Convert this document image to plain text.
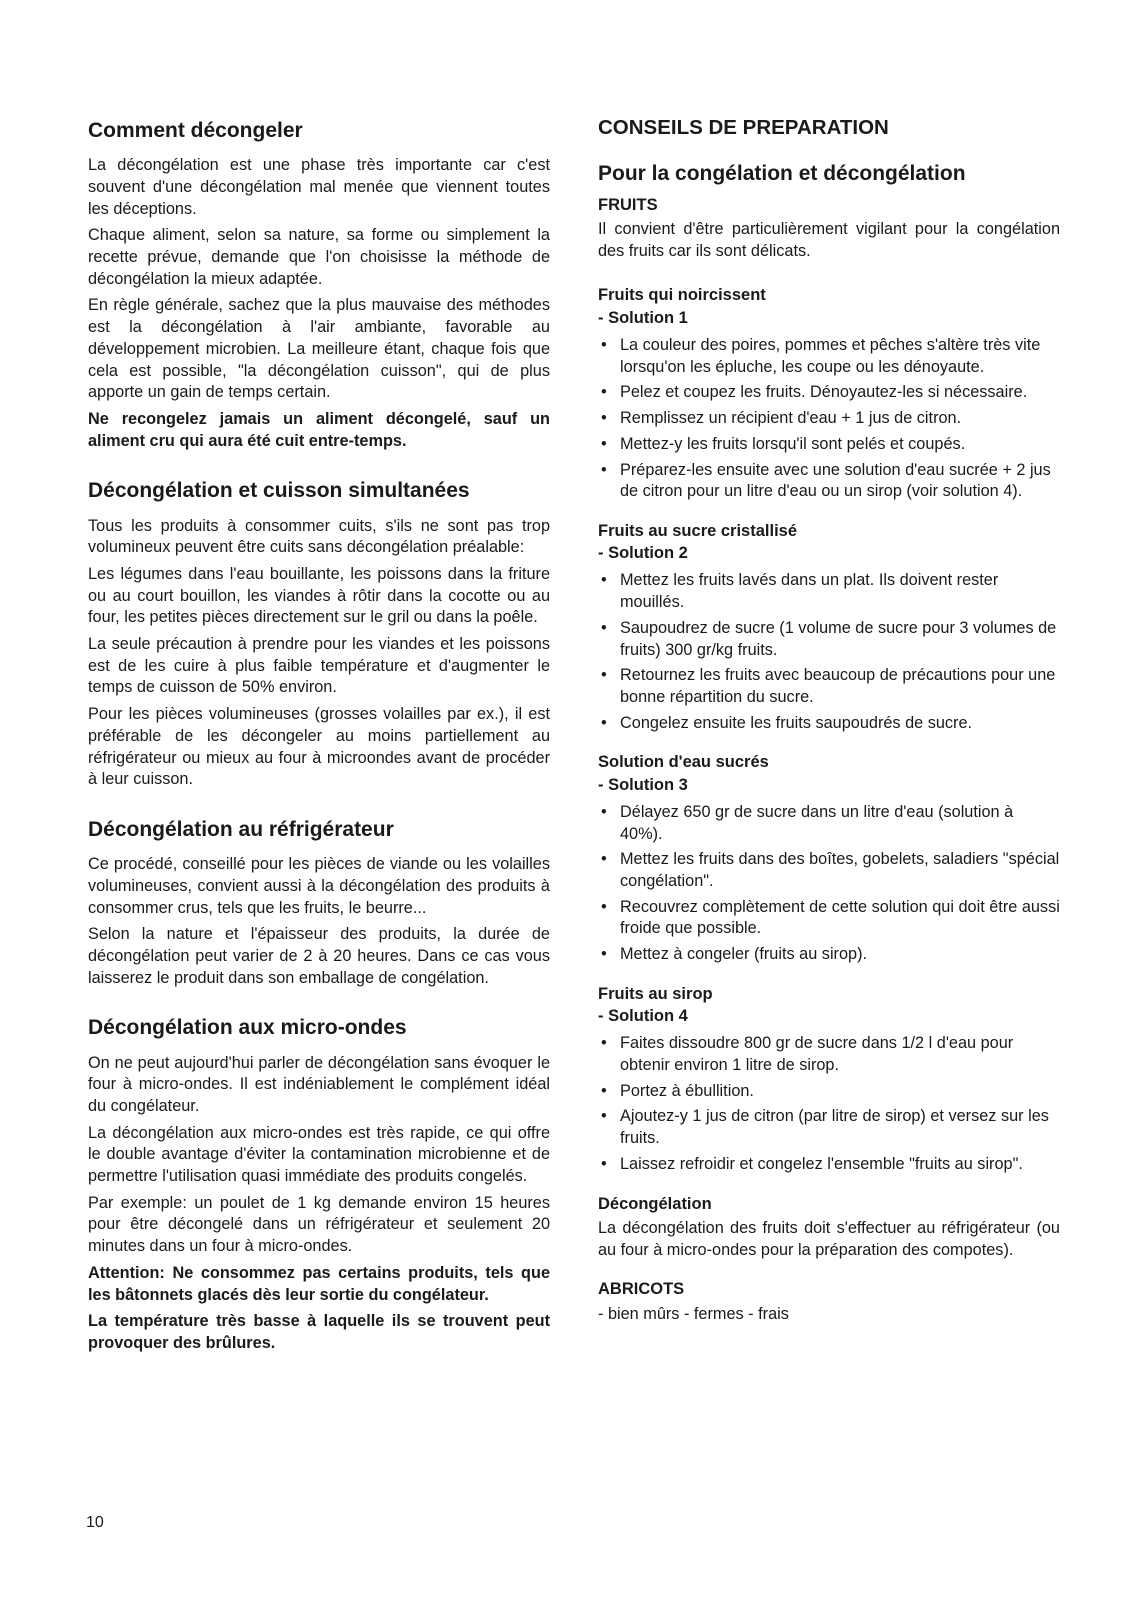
Comment décongeler

La décongélation est une phase très importante car c'est souvent d'une décongélation mal menée que viennent toutes les déceptions.

Chaque aliment, selon sa nature, sa forme ou simplement la recette prévue, demande que l'on choisisse la méthode de décongélation la mieux adaptée.

En règle générale, sachez que la plus mauvaise des méthodes est la décongélation à l'air ambiante, favorable au développement microbien. La meilleure étant, chaque fois que cela est possible, "la décongélation cuisson", qui de plus apporte un gain de temps certain.

Ne recongelez jamais un aliment décongelé, sauf un aliment cru qui aura été cuit entre-temps.

Décongélation et cuisson simultanées

Tous les produits à consommer cuits, s'ils ne sont pas trop volumineux peuvent être cuits sans décongélation préalable:

Les légumes dans l'eau bouillante, les poissons dans la friture ou au court bouillon, les viandes à rôtir dans la cocotte ou au four, les petites pièces directement sur le gril ou dans la poêle.

La seule précaution à prendre pour les viandes et les poissons est de les cuire à plus faible température et d'augmenter le temps de cuisson de 50% environ.

Pour les pièces volumineuses (grosses volailles par ex.), il est préférable de les décongeler au moins partiellement au réfrigérateur ou mieux au four à microondes avant de procéder à leur cuisson.

Décongélation au réfrigérateur

Ce procédé, conseillé pour les pièces de viande ou les volailles volumineuses, convient aussi à la décongélation des produits à consommer crus, tels que les fruits, le beurre...

Selon la nature et l'épaisseur des produits, la durée de décongélation peut varier de 2 à 20 heures. Dans ce cas vous laisserez le produit dans son emballage de congélation.

Décongélation aux micro-ondes

On ne peut aujourd'hui parler de décongélation sans évoquer le four à micro-ondes. Il est indéniablement le complément idéal du congélateur.

La décongélation aux micro-ondes est très rapide, ce qui offre le double avantage d'éviter la contamination microbienne et de permettre l'utilisation quasi immédiate des produits congelés.

Par exemple: un poulet de 1 kg demande environ 15 heures pour être décongelé dans un réfrigérateur et seulement 20 minutes dans un four à micro-ondes.

Attention: Ne consommez pas certains produits, tels que les bâtonnets glacés dès leur sortie du congélateur.

La température très basse à laquelle ils se trouvent peut provoquer des brûlures.

CONSEILS DE PREPARATION
Pour la congélation et décongélation
FRUITS

Il convient d'être particulièrement vigilant pour la congélation des fruits car ils sont délicats.

Fruits qui noircissent
- Solution 1
• La couleur des poires, pommes et pêches s'altère très vite lorsqu'on les épluche, les coupe ou les dénoyaute.
• Pelez et coupez les fruits. Dénoyautez-les si nécessaire.
• Remplissez un récipient d'eau + 1 jus de citron.
• Mettez-y les fruits lorsqu'il sont pelés et coupés.
• Préparez-les ensuite avec une solution d'eau sucrée + 2 jus de citron pour un litre d'eau ou un sirop (voir solution 4).
Fruits au sucre cristallisé
- Solution 2
• Mettez les fruits lavés dans un plat. Ils doivent rester mouillés.
• Saupoudrez de sucre (1 volume de sucre pour 3 volumes de fruits) 300 gr/kg fruits.
• Retournez les fruits avec beaucoup de précautions pour une bonne répartition du sucre.
• Congelez ensuite les fruits saupoudrés de sucre.
Solution d'eau sucrés
- Solution 3
• Délayez 650 gr de sucre dans un litre d'eau (solution à 40%).
• Mettez les fruits dans des boîtes, gobelets, saladiers "spécial congélation".
• Recouvrez complètement de cette solution qui doit être aussi froide que possible.
• Mettez à congeler (fruits au sirop).
Fruits au sirop
- Solution 4
• Faites dissoudre 800 gr de sucre dans 1/2 l d'eau pour obtenir environ 1 litre de sirop.
• Portez à ébullition.
• Ajoutez-y 1 jus de citron (par litre de sirop) et versez sur les fruits.
• Laissez refroidir et congelez l'ensemble "fruits au sirop".
Décongélation

La décongélation des fruits doit s'effectuer au réfrigérateur (ou au four à micro-ondes pour la préparation des compotes).

ABRICOTS

- bien mûrs - fermes - frais

10
